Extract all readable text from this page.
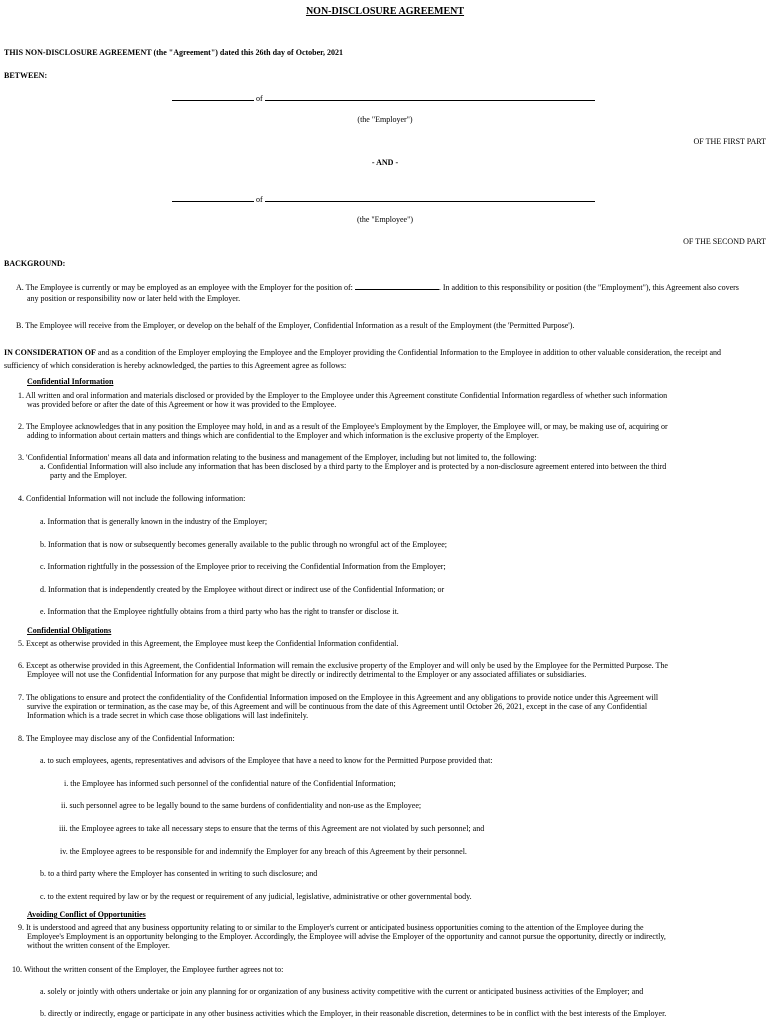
NON-DISCLOSURE AGREEMENT
THIS NON-DISCLOSURE AGREEMENT (the "Agreement") dated this 26th day of October, 2021
BETWEEN:
of
(the "Employer")
OF THE FIRST PART
- AND -
of
(the "Employee")
OF THE SECOND PART
BACKGROUND:
A. The Employee is currently or may be employed as an employee with the Employer for the position of:	. In addition to this responsibility or position (the "Employment"), this Agreement also covers
any position or responsibility now or later held with the Employer.
B. The Employee will receive from the Employer, or develop on the behalf of the Employer, Confidential Information as a result of the Employment (the 'Permitted Purpose').
IN CONSIDERATION OF and as a condition of the Employer employing the Employee and the Employer providing the Confidential Information to the Employee in addition to other valuable consideration, the receipt and
sufficiency of which consideration is hereby acknowledged, the parties to this Agreement agree as follows:
Confidential Information
1. All written and oral information and materials disclosed or provided by the Employer to the Employee under this Agreement constitute Confidential Information regardless of whether such information
was provided before or after the date of this Agreement or how it was provided to the Employee.
2. The Employee acknowledges that in any position the Employee may hold, in and as a result of the Employee's Employment by the Employer, the Employee will, or may, be making use of, acquiring or
adding to information about certain matters and things which are confidential to the Employer and which information is the exclusive property of the Employer.
3. 'Confidential Information' means all data and information relating to the business and management of the Employer, including but not limited to, the following:
a. Confidential Information will also include any information that has been disclosed by a third party to the Employer and is protected by a non-disclosure agreement entered into between the third
party and the Employer.
4. Confidential Information will not include the following information:
a. Information that is generally known in the industry of the Employer;
b. Information that is now or subsequently becomes generally available to the public through no wrongful act of the Employee;
c. Information rightfully in the possession of the Employee prior to receiving the Confidential Information from the Employer;
d. Information that is independently created by the Employee without direct or indirect use of the Confidential Information; or
e. Information that the Employee rightfully obtains from a third party who has the right to transfer or disclose it.
Confidential Obligations
5. Except as otherwise provided in this Agreement, the Employee must keep the Confidential Information confidential.
6. Except as otherwise provided in this Agreement, the Confidential Information will remain the exclusive property of the Employer and will only be used by the Employee for the Permitted Purpose. The
Employee will not use the Confidential Information for any purpose that might be directly or indirectly detrimental to the Employer or any associated affiliates or subsidiaries.
7. The obligations to ensure and protect the confidentiality of the Confidential Information imposed on the Employee in this Agreement and any obligations to provide notice under this Agreement will
survive the expiration or termination, as the case may be, of this Agreement and will be continuous from the date of this Agreement until October 26, 2021, except in the case of any Confidential
Information which is a trade secret in which case those obligations will last indefinitely.
8. The Employee may disclose any of the Confidential Information:
a. to such employees, agents, representatives and advisors of the Employee that have a need to know for the Permitted Purpose provided that:
i. the Employee has informed such personnel of the confidential nature of the Confidential Information;
ii. such personnel agree to be legally bound to the same burdens of confidentiality and non-use as the Employee;
iii. the Employee agrees to take all necessary steps to ensure that the terms of this Agreement are not violated by such personnel; and
iv. the Employee agrees to be responsible for and indemnify the Employer for any breach of this Agreement by their personnel.
b. to a third party where the Employer has consented in writing to such disclosure; and
c. to the extent required by law or by the request or requirement of any judicial, legislative, administrative or other governmental body.
Avoiding Conflict of Opportunities
9. It is understood and agreed that any business opportunity relating to or similar to the Employer's current or anticipated business opportunities coming to the attention of the Employee during the
Employee's Employment is an opportunity belonging to the Employer. Accordingly, the Employee will advise the Employer of the opportunity and cannot pursue the opportunity, directly or indirectly,
without the written consent of the Employer.
10. Without the written consent of the Employer, the Employee further agrees not to:
a. solely or jointly with others undertake or join any planning for or organization of any business activity competitive with the current or anticipated business activities of the Employer; and
b. directly or indirectly, engage or participate in any other business activities which the Employer, in their reasonable discretion, determines to be in conflict with the best interests of the Employer.
